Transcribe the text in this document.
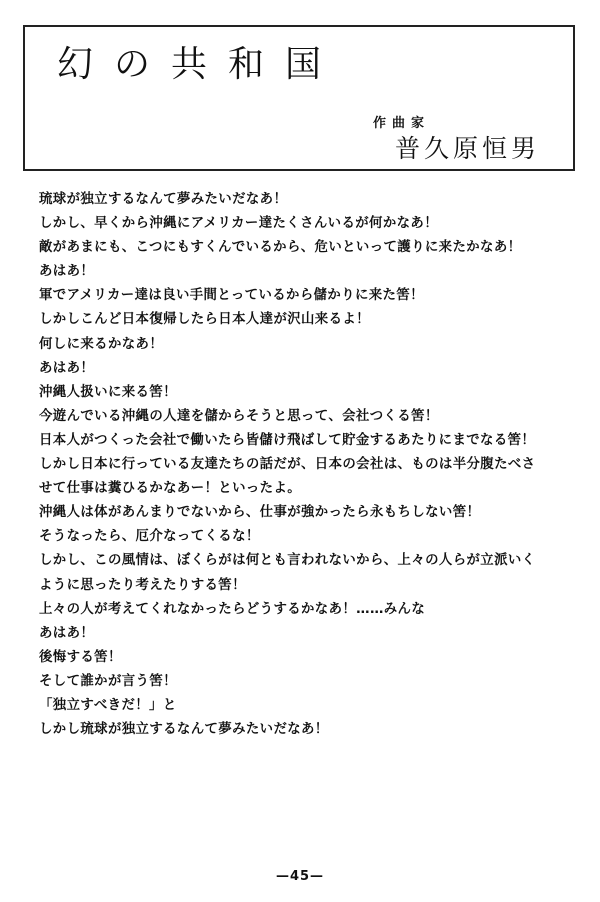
幻の共和国
作曲家
普久原恒男
琉球が独立するなんて夢みたいだなあ！
しかし、早くから沖縄にアメリカー達たくさんいるが何かなあ！
敵があまにも、こつにもすくんでいるから、危いといって護りに来たかなあ！
あはあ！
軍でアメリカー達は良い手間とっているから儲かりに来た筈！
しかしこんど日本復帰したら日本人達が沢山来るよ！
何しに来るかなあ！
あはあ！
沖縄人扱いに来る筈！
今遊んでいる沖縄の人達を儲からそうと思って、会社つくる筈！
日本人がつくった会社で働いたら皆儲け飛ばして貯金するあたりにまでなる筈！
しかし日本に行っている友達たちの話だが、日本の会社は、ものは半分腹たべさ
せて仕事は糞ひるかなあー！といったよ。
沖縄人は体があんまりでないから、仕事が強かったら永もちしない筈！
そうなったら、厄介なってくるな！
しかし、この風情は、ぼくらがは何とも言われないから、上々の人らが立派いく
ように思ったり考えたりする筈！
上々の人が考えてくれなかったらどうするかなあ！……みんな
あはあ！
後悔する筈！
そして誰かが言う筈！
「独立すべきだ！」と
しかし琉球が独立するなんて夢みたいだなあ！
—45—
